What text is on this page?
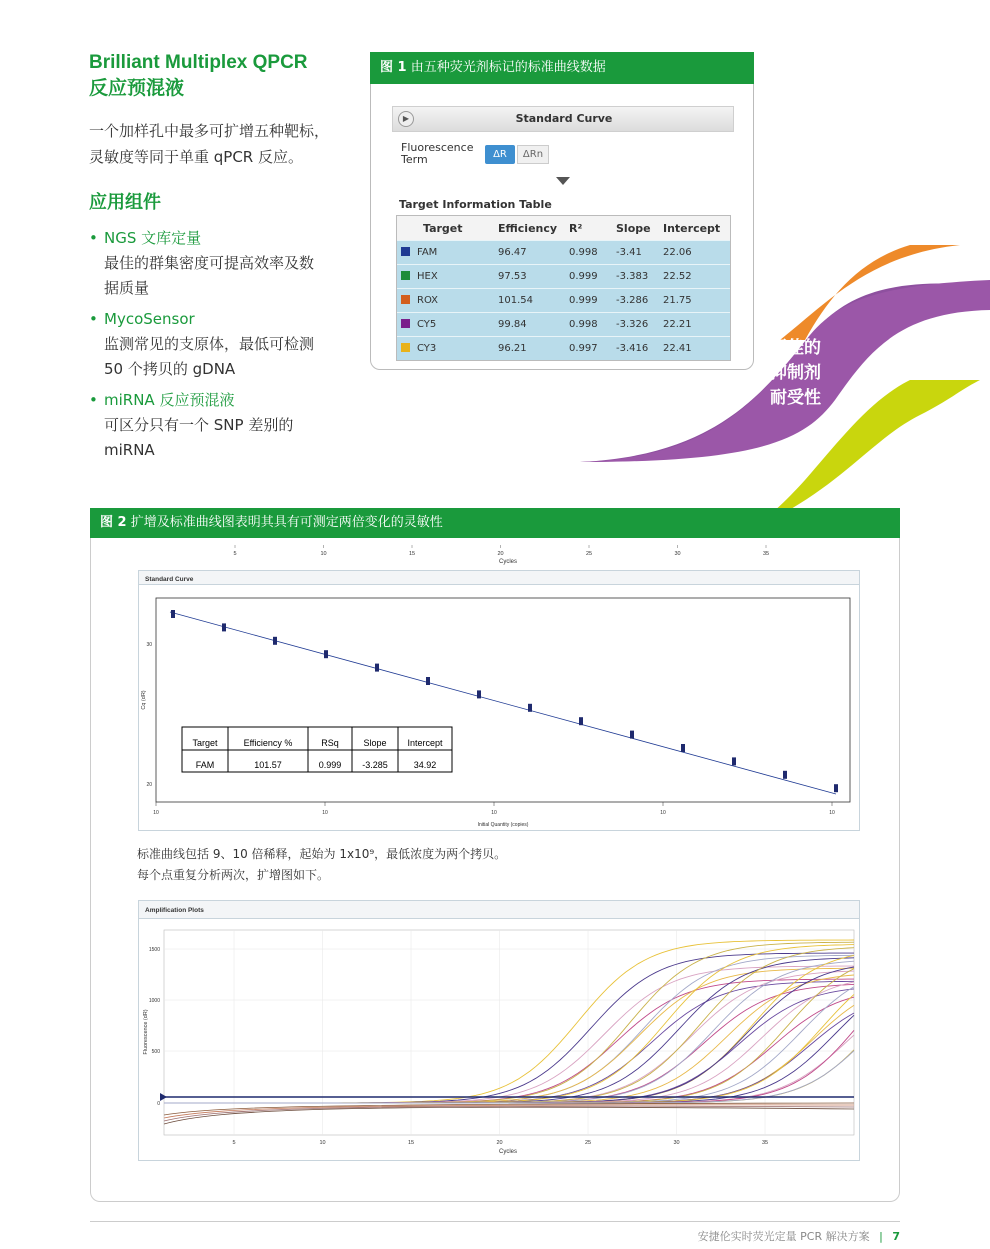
更佳的
抑制剂
耐受性
Brilliant Multiplex QPCR
反应预混液
一个加样孔中最多可扩增五种靶标，
灵敏度等同于单重 qPCR 反应。
应用组件
• NGS 文库定量
最佳的群集密度可提高效率及数
据质量
• MycoSensor
监测常见的支原体，最低可检测
50 个拷贝的 gDNA
• miRNA 反应预混液
可区分只有一个 SNP 差别的
miRNA
图 1 由五种荧光剂标记的标准曲线数据
▶	Standard Curve
Fluorescence
Term	ΔR	ΔRn
Target Information Table
Target	Efficiency	R²	Slope	Intercept
FAM	96.47	0.998	-3.41	22.06
HEX	97.53	0.999	-3.383	22.52
ROX	101.54	0.999	-3.286	21.75
CY5	99.84	0.998	-3.326	22.21
CY3	96.21	0.997	-3.416	22.41
图 2 扩增及标准曲线图表明其具有可测定两倍变化的灵敏性
5	10	15	20	25	30	35
Cycles
Standard Curve
Cq (dR)
30
20
10	10	10	10	10
Initial Quantity (copies)
Target	Efficiency %	RSq	Slope Intercept
FAM	101.57	0.999 -3.285	34.92
标准曲线包括 9、10 倍稀释，起始为 1x10⁹，最低浓度为两个拷贝。
每个点重复分析两次，扩增图如下。
Amplification Plots
Fluorescence (dR)
1500
1000
500
0
5	10	15	20	25	30	35
Cycles
安捷伦实时荧光定量 PCR 解决方案 | 7
